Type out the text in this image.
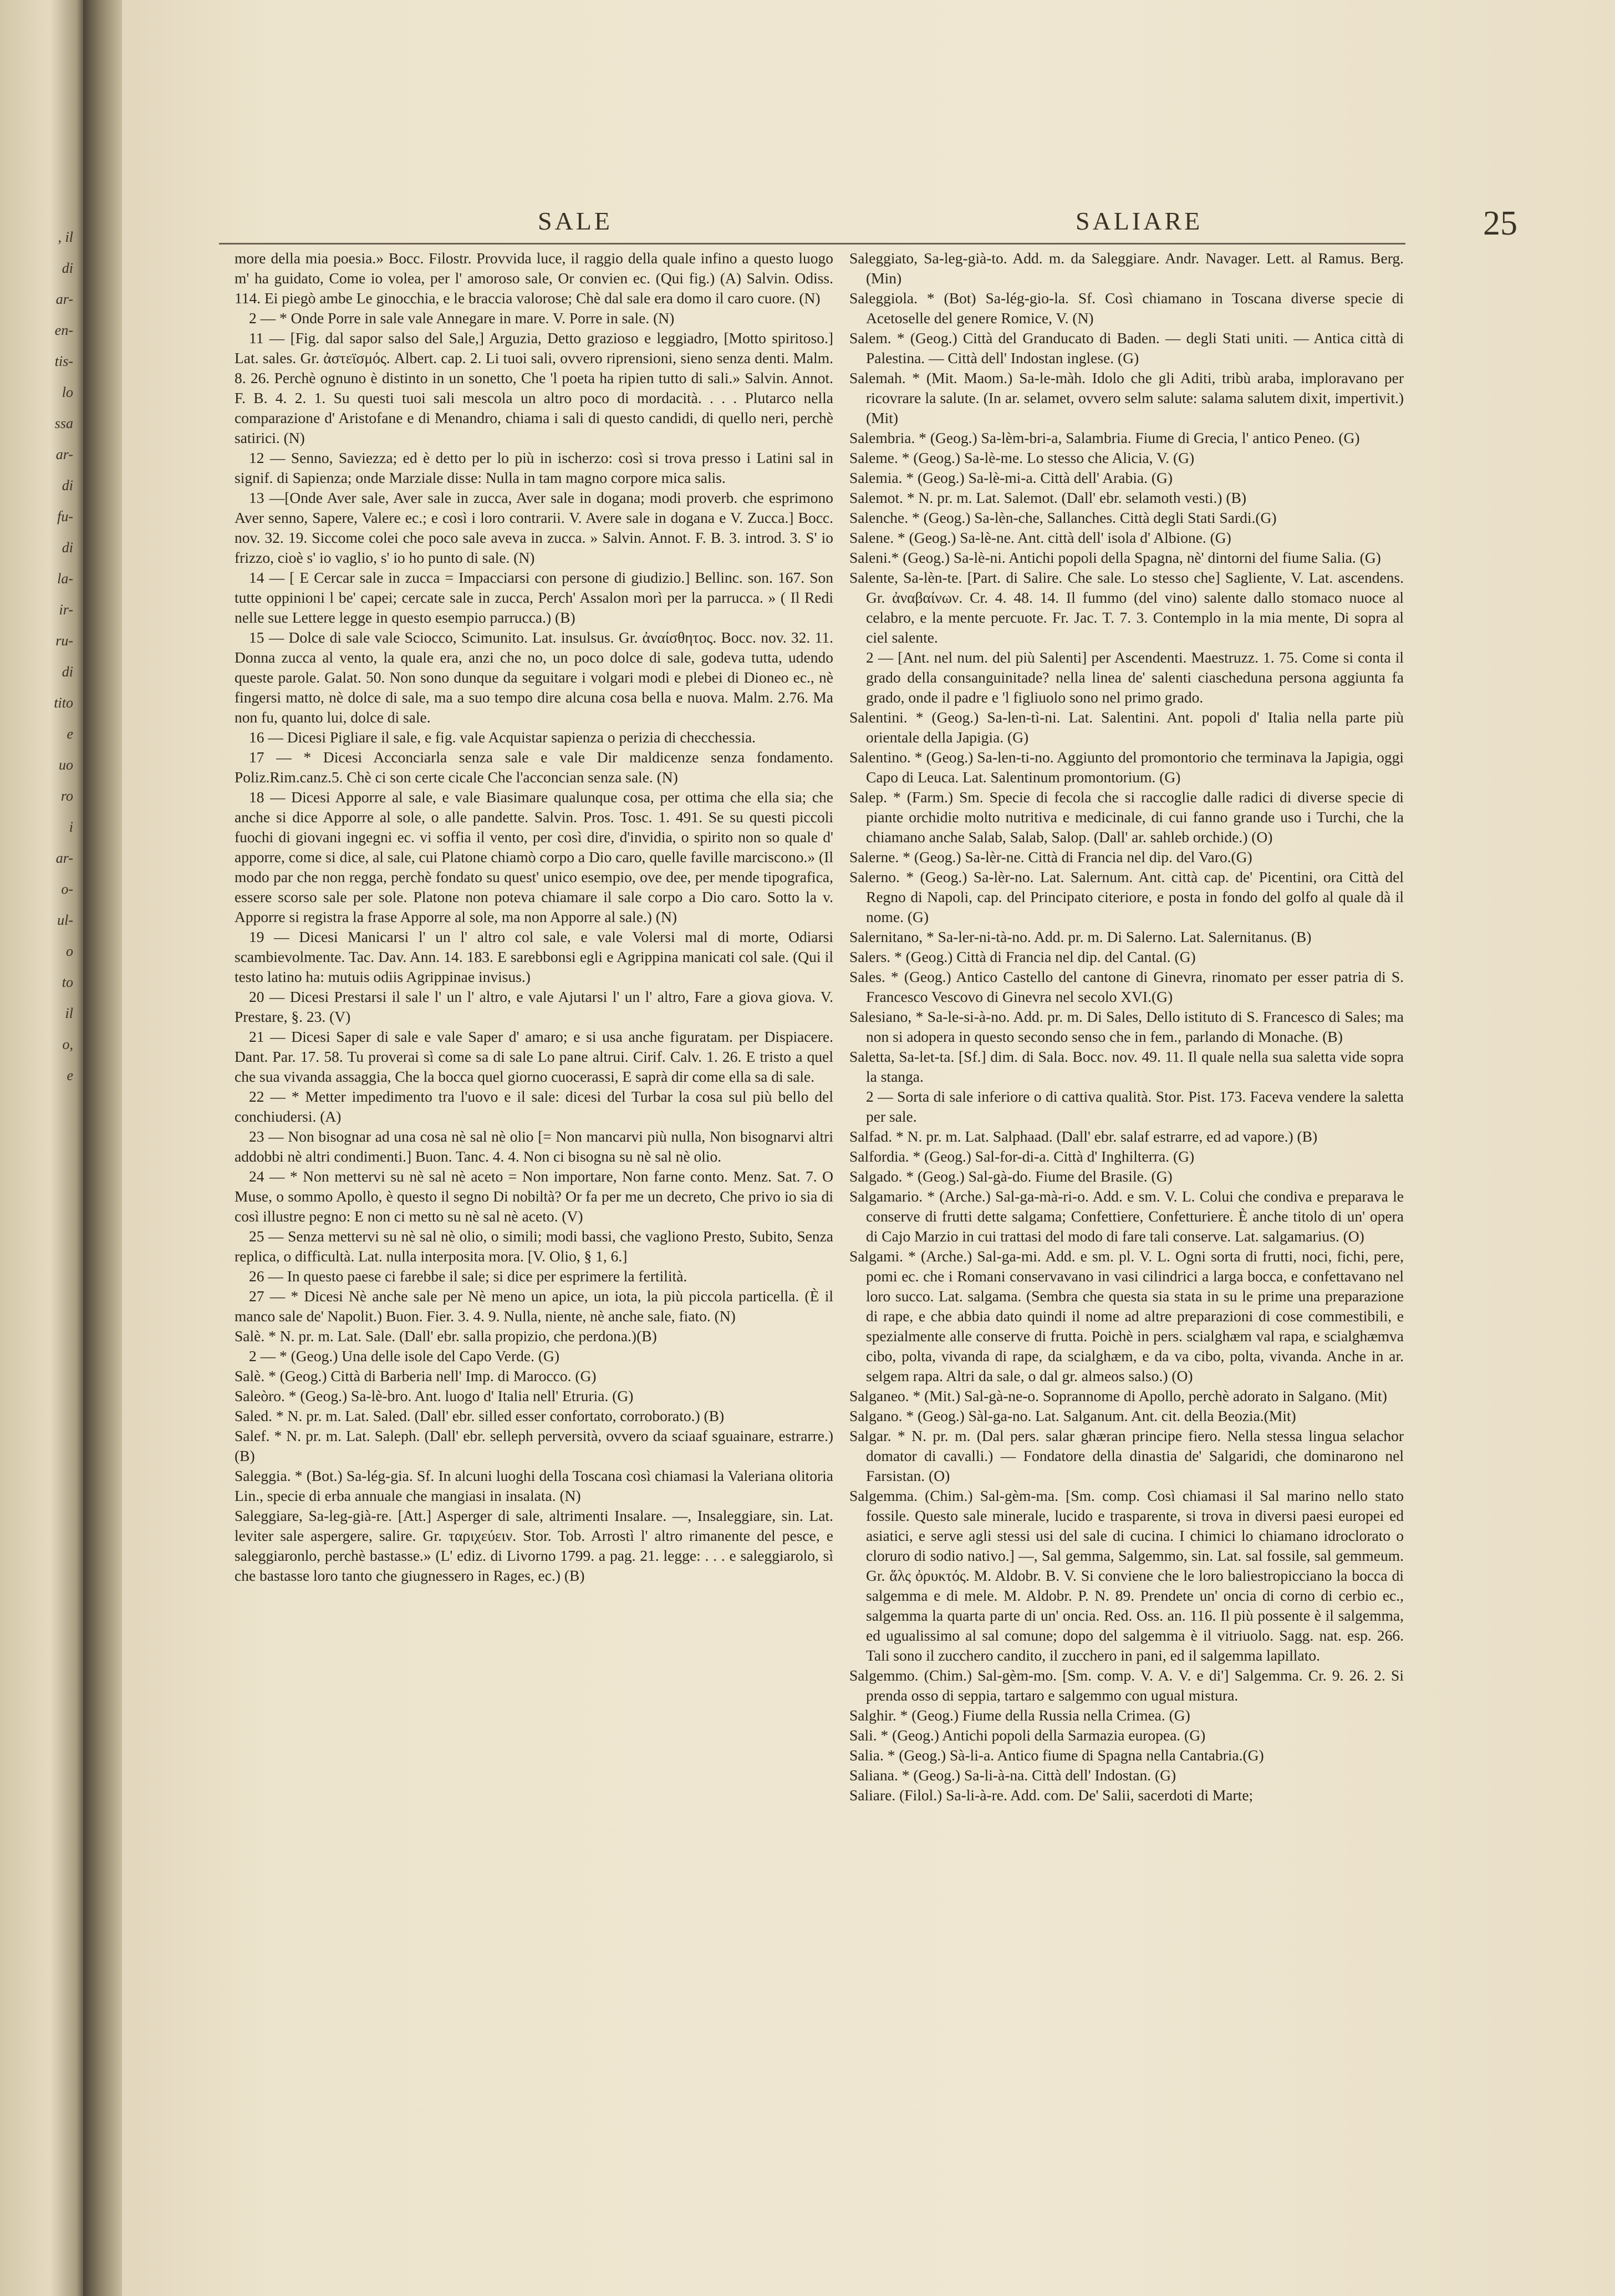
, il
di
ar-
en-
tis-
lo
ssa
ar-
di
fu-
di
la-
ir-
ru-
di
tito
e
uo
ro
i
ar-
o-
ul-
o
to
il
o,
e
SALE	SALIARE	25

more della mia poesia.» Bocc. Filostr. Provvida luce, il raggio della quale infino a questo luogo m' ha guidato, Come io volea, per l' amoroso sale, Or convien ec. (Qui fig.) (A) Salvin. Odiss. 114. Ei piegò ambe Le ginocchia, e le braccia valorose; Chè dal sale era domo il caro cuore. (N)

2 — * Onde Porre in sale vale Annegare in mare. V. Porre in sale. (N)

11 — [Fig. dal sapor salso del Sale,] Arguzia, Detto grazioso e leggiadro, [Motto spiritoso.] Lat. sales. Gr. ἀστεϊσμός. Albert. cap. 2. Li tuoi sali, ovvero riprensioni, sieno senza denti. Malm. 8. 26. Perchè ognuno è distinto in un sonetto, Che 'l poeta ha ripien tutto di sali.» Salvin. Annot. F. B. 4. 2. 1. Su questi tuoi sali mescola un altro poco di mordacità. . . . Plutarco nella comparazione d' Aristofane e di Menandro, chiama i sali di questo candidi, di quello neri, perchè satirici. (N)

12 — Senno, Saviezza; ed è detto per lo più in ischerzo: così si trova presso i Latini sal in signif. di Sapienza; onde Marziale disse: Nulla in tam magno corpore mica salis.

13 —[Onde Aver sale, Aver sale in zucca, Aver sale in dogana; modi proverb. che esprimono Aver senno, Sapere, Valere ec.; e così i loro contrarii. V. Avere sale in dogana e V. Zucca.] Bocc. nov. 32. 19. Siccome colei che poco sale aveva in zucca. » Salvin. Annot. F. B. 3. introd. 3. S' io frizzo, cioè s' io vaglio, s' io ho punto di sale. (N)

14 — [ E Cercar sale in zucca = Impacciarsi con persone di giudizio.] Bellinc. son. 167. Son tutte oppinioni l be' capei; cercate sale in zucca, Perch' Assalon morì per la parrucca. » ( Il Redi nelle sue Lettere legge in questo esempio parrucca.) (B)

15 — Dolce di sale vale Sciocco, Scimunito. Lat. insulsus. Gr. ἀναίσθητος. Bocc. nov. 32. 11. Donna zucca al vento, la quale era, anzi che no, un poco dolce di sale, godeva tutta, udendo queste parole. Galat. 50. Non sono dunque da seguitare i volgari modi e plebei di Dioneo ec., nè fingersi matto, nè dolce di sale, ma a suo tempo dire alcuna cosa bella e nuova. Malm. 2.76. Ma non fu, quanto lui, dolce di sale.

16 — Dicesi Pigliare il sale, e fig. vale Acquistar sapienza o perizia di checchessia.

17 — * Dicesi Acconciarla senza sale e vale Dir maldicenze senza fondamento. Poliz.Rim.canz.5. Chè ci son certe cicale Che l'acconcian senza sale. (N)

18 — Dicesi Apporre al sale, e vale Biasimare qualunque cosa, per ottima che ella sia; che anche si dice Apporre al sole, o alle pandette. Salvin. Pros. Tosc. 1. 491. Se su questi piccoli fuochi di giovani ingegni ec. vi soffia il vento, per così dire, d'invidia, o spirito non so quale d' apporre, come si dice, al sale, cui Platone chiamò corpo a Dio caro, quelle faville marciscono.» (Il modo par che non regga, perchè fondato su quest' unico esempio, ove dee, per mende tipografica, essere scorso sale per sole. Platone non poteva chiamare il sale corpo a Dio caro. Sotto la v. Apporre si registra la frase Apporre al sole, ma non Apporre al sale.) (N)

19 — Dicesi Manicarsi l' un l' altro col sale, e vale Volersi mal di morte, Odiarsi scambievolmente. Tac. Dav. Ann. 14. 183. E sarebbonsi egli e Agrippina manicati col sale. (Qui il testo latino ha: mutuis odiis Agrippinae invisus.)

20 — Dicesi Prestarsi il sale l' un l' altro, e vale Ajutarsi l' un l' altro, Fare a giova giova. V. Prestare, §. 23. (V)

21 — Dicesi Saper di sale e vale Saper d' amaro; e si usa anche figuratam. per Dispiacere. Dant. Par. 17. 58. Tu proverai sì come sa di sale Lo pane altrui. Cirif. Calv. 1. 26. E tristo a quel che sua vivanda assaggia, Che la bocca quel giorno cuocerassi, E saprà dir come ella sa di sale.

22 — * Metter impedimento tra l'uovo e il sale: dicesi del Turbar la cosa sul più bello del conchiudersi. (A)

23 — Non bisognar ad una cosa nè sal nè olio [= Non mancarvi più nulla, Non bisognarvi altri addobbi nè altri condimenti.] Buon. Tanc. 4. 4. Non ci bisogna su nè sal nè olio.

24 — * Non mettervi su nè sal nè aceto = Non importare, Non farne conto. Menz. Sat. 7. O Muse, o sommo Apollo, è questo il segno Di nobiltà? Or fa per me un decreto, Che privo io sia di così illustre pegno: E non ci metto su nè sal nè aceto. (V)

25 — Senza mettervi su nè sal nè olio, o simili; modi bassi, che vagliono Presto, Subito, Senza replica, o difficultà. Lat. nulla interposita mora. [V. Olio, § 1, 6.]

26 — In questo paese ci farebbe il sale; si dice per esprimere la fertilità.

27 — * Dicesi Nè anche sale per Nè meno un apice, un iota, la più piccola particella. (È il manco sale de' Napolit.) Buon. Fier. 3. 4. 9. Nulla, niente, nè anche sale, fiato. (N)

Salè. * N. pr. m. Lat. Sale. (Dall' ebr. salla propizio, che perdona.)(B)

2 — * (Geog.) Una delle isole del Capo Verde. (G)

Salè. * (Geog.) Città di Barberia nell' Imp. di Marocco. (G)

Saleòro. * (Geog.) Sa-lè-bro. Ant. luogo d' Italia nell' Etruria. (G)

Saled. * N. pr. m. Lat. Saled. (Dall' ebr. silled esser confortato, corroborato.) (B)

Salef. * N. pr. m. Lat. Saleph. (Dall' ebr. selleph perversità, ovvero da sciaaf sguainare, estrarre.) (B)

Saleggia. * (Bot.) Sa-lég-gia. Sf. In alcuni luoghi della Toscana così chiamasi la Valeriana olitoria Lin., specie di erba annuale che mangiasi in insalata. (N)

Saleggiare, Sa-leg-già-re. [Att.] Asperger di sale, altrimenti Insalare. —, Insaleggiare, sin. Lat. leviter sale aspergere, salire. Gr. ταριχεύειν. Stor. Tob. Arrostì l' altro rimanente del pesce, e saleggiaronlo, perchè bastasse.» (L' ediz. di Livorno 1799. a pag. 21. legge: . . . e saleggiarolo, sì che bastasse loro tanto che giugnessero in Rages, ec.) (B)

Saleggiato, Sa-leg-già-to. Add. m. da Saleggiare. Andr. Navager. Lett. al Ramus. Berg. (Min)

Saleggiola. * (Bot) Sa-lég-gio-la. Sf. Così chiamano in Toscana diverse specie di Acetoselle del genere Romice, V. (N)

Salem. * (Geog.) Città del Granducato di Baden. — degli Stati uniti. — Antica città di Palestina. — Città dell' Indostan inglese. (G)

Salemah. * (Mit. Maom.) Sa-le-màh. Idolo che gli Aditi, tribù araba, imploravano per ricovrare la salute. (In ar. selamet, ovvero selm salute: salama salutem dixit, impertivit.) (Mit)

Salembria. * (Geog.) Sa-lèm-bri-a, Salambria. Fiume di Grecia, l' antico Peneo. (G)

Saleme. * (Geog.) Sa-lè-me. Lo stesso che Alicia, V. (G)

Salemia. * (Geog.) Sa-lè-mi-a. Città dell' Arabia. (G)

Salemot. * N. pr. m. Lat. Salemot. (Dall' ebr. selamoth vesti.) (B)

Salenche. * (Geog.) Sa-lèn-che, Sallanches. Città degli Stati Sardi.(G)

Salene. * (Geog.) Sa-lè-ne. Ant. città dell' isola d' Albione. (G)

Saleni.* (Geog.) Sa-lè-ni. Antichi popoli della Spagna, nè' dintorni del fiume Salia. (G)

Salente, Sa-lèn-te. [Part. di Salire. Che sale. Lo stesso che] Sagliente, V. Lat. ascendens. Gr. ἀναβαίνων. Cr. 4. 48. 14. Il fummo (del vino) salente dallo stomaco nuoce al celabro, e la mente percuote. Fr. Jac. T. 7. 3. Contemplo in la mia mente, Di sopra al ciel salente.

2 — [Ant. nel num. del più Salenti] per Ascendenti. Maestruzz. 1. 75. Come si conta il grado della consanguinitade? nella linea de' salenti ciascheduna persona aggiunta fa grado, onde il padre e 'l figliuolo sono nel primo grado.

Salentini. * (Geog.) Sa-len-tì-ni. Lat. Salentini. Ant. popoli d' Italia nella parte più orientale della Japigia. (G)

Salentino. * (Geog.) Sa-len-ti-no. Aggiunto del promontorio che terminava la Japigia, oggi Capo di Leuca. Lat. Salentinum promontorium. (G)

Salep. * (Farm.) Sm. Specie di fecola che si raccoglie dalle radici di diverse specie di piante orchidie molto nutritiva e medicinale, di cui fanno grande uso i Turchi, che la chiamano anche Salab, Salab, Salop. (Dall' ar. sahleb orchide.) (O)

Salerne. * (Geog.) Sa-lèr-ne. Città di Francia nel dip. del Varo.(G)

Salerno. * (Geog.) Sa-lèr-no. Lat. Salernum. Ant. città cap. de' Picentini, ora Città del Regno di Napoli, cap. del Principato citeriore, e posta in fondo del golfo al quale dà il nome. (G)

Salernitano, * Sa-ler-ni-tà-no. Add. pr. m. Di Salerno. Lat. Salernitanus. (B)

Salers. * (Geog.) Città di Francia nel dip. del Cantal. (G)

Sales. * (Geog.) Antico Castello del cantone di Ginevra, rinomato per esser patria di S. Francesco Vescovo di Ginevra nel secolo XVI.(G)

Salesiano, * Sa-le-si-à-no. Add. pr. m. Di Sales, Dello istituto di S. Francesco di Sales; ma non si adopera in questo secondo senso che in fem., parlando di Monache. (B)

Saletta, Sa-let-ta. [Sf.] dim. di Sala. Bocc. nov. 49. 11. Il quale nella sua saletta vide sopra la stanga.

2 — Sorta di sale inferiore o di cattiva qualità. Stor. Pist. 173. Faceva vendere la saletta per sale.

Salfad. * N. pr. m. Lat. Salphaad. (Dall' ebr. salaf estrarre, ed ad vapore.) (B)

Salfordia. * (Geog.) Sal-for-di-a. Città d' Inghilterra. (G)

Salgado. * (Geog.) Sal-gà-do. Fiume del Brasile. (G)

Salgamario. * (Arche.) Sal-ga-mà-ri-o. Add. e sm. V. L. Colui che condiva e preparava le conserve di frutti dette salgama; Confettiere, Confetturiere. È anche titolo di un' opera di Cajo Marzio in cui trattasi del modo di fare tali conserve. Lat. salgamarius. (O)

Salgami. * (Arche.) Sal-ga-mi. Add. e sm. pl. V. L. Ogni sorta di frutti, noci, fichi, pere, pomi ec. che i Romani conservavano in vasi cilindrici a larga bocca, e confettavano nel loro succo. Lat. salgama. (Sembra che questa sia stata in su le prime una preparazione di rape, e che abbia dato quindi il nome ad altre preparazioni di cose commestibili, e spezialmente alle conserve di frutta. Poichè in pers. scialghæm val rapa, e scialghæmva cibo, polta, vivanda di rape, da scialghæm, e da va cibo, polta, vivanda. Anche in ar. selgem rapa. Altri da sale, o dal gr. almeos salso.) (O)

Salganeo. * (Mit.) Sal-gà-ne-o. Soprannome di Apollo, perchè adorato in Salgano. (Mit)

Salgano. * (Geog.) Sàl-ga-no. Lat. Salganum. Ant. cit. della Beozia.(Mit)

Salgar. * N. pr. m. (Dal pers. salar ghæran principe fiero. Nella stessa lingua selachor domator di cavalli.) — Fondatore della dinastia de' Salgaridi, che dominarono nel Farsistan. (O)

Salgemma. (Chim.) Sal-gèm-ma. [Sm. comp. Così chiamasi il Sal marino nello stato fossile. Questo sale minerale, lucido e trasparente, si trova in diversi paesi europei ed asiatici, e serve agli stessi usi del sale di cucina. I chimici lo chiamano idroclorato o cloruro di sodio nativo.] —, Sal gemma, Salgemmo, sin. Lat. sal fossile, sal gemmeum. Gr. ἅλς ὀρυκτός. M. Aldobr. B. V. Si conviene che le loro baliestropicciano la bocca di salgemma e di mele. M. Aldobr. P. N. 89. Prendete un' oncia di corno di cerbio ec., salgemma la quarta parte di un' oncia. Red. Oss. an. 116. Il più possente è il salgemma, ed ugualissimo al sal comune; dopo del salgemma è il vitriuolo. Sagg. nat. esp. 266. Tali sono il zucchero candito, il zucchero in pani, ed il salgemma lapillato.

Salgemmo. (Chim.) Sal-gèm-mo. [Sm. comp. V. A. V. e di'] Salgemma. Cr. 9. 26. 2. Si prenda osso di seppia, tartaro e salgemmo con ugual mistura.

Salghir. * (Geog.) Fiume della Russia nella Crimea. (G)

Sali. * (Geog.) Antichi popoli della Sarmazia europea. (G)

Salia. * (Geog.) Sà-li-a. Antico fiume di Spagna nella Cantabria.(G)

Saliana. * (Geog.) Sa-li-à-na. Città dell' Indostan. (G)

Saliare. (Filol.) Sa-li-à-re. Add. com. De' Salii, sacerdoti di Marte;
